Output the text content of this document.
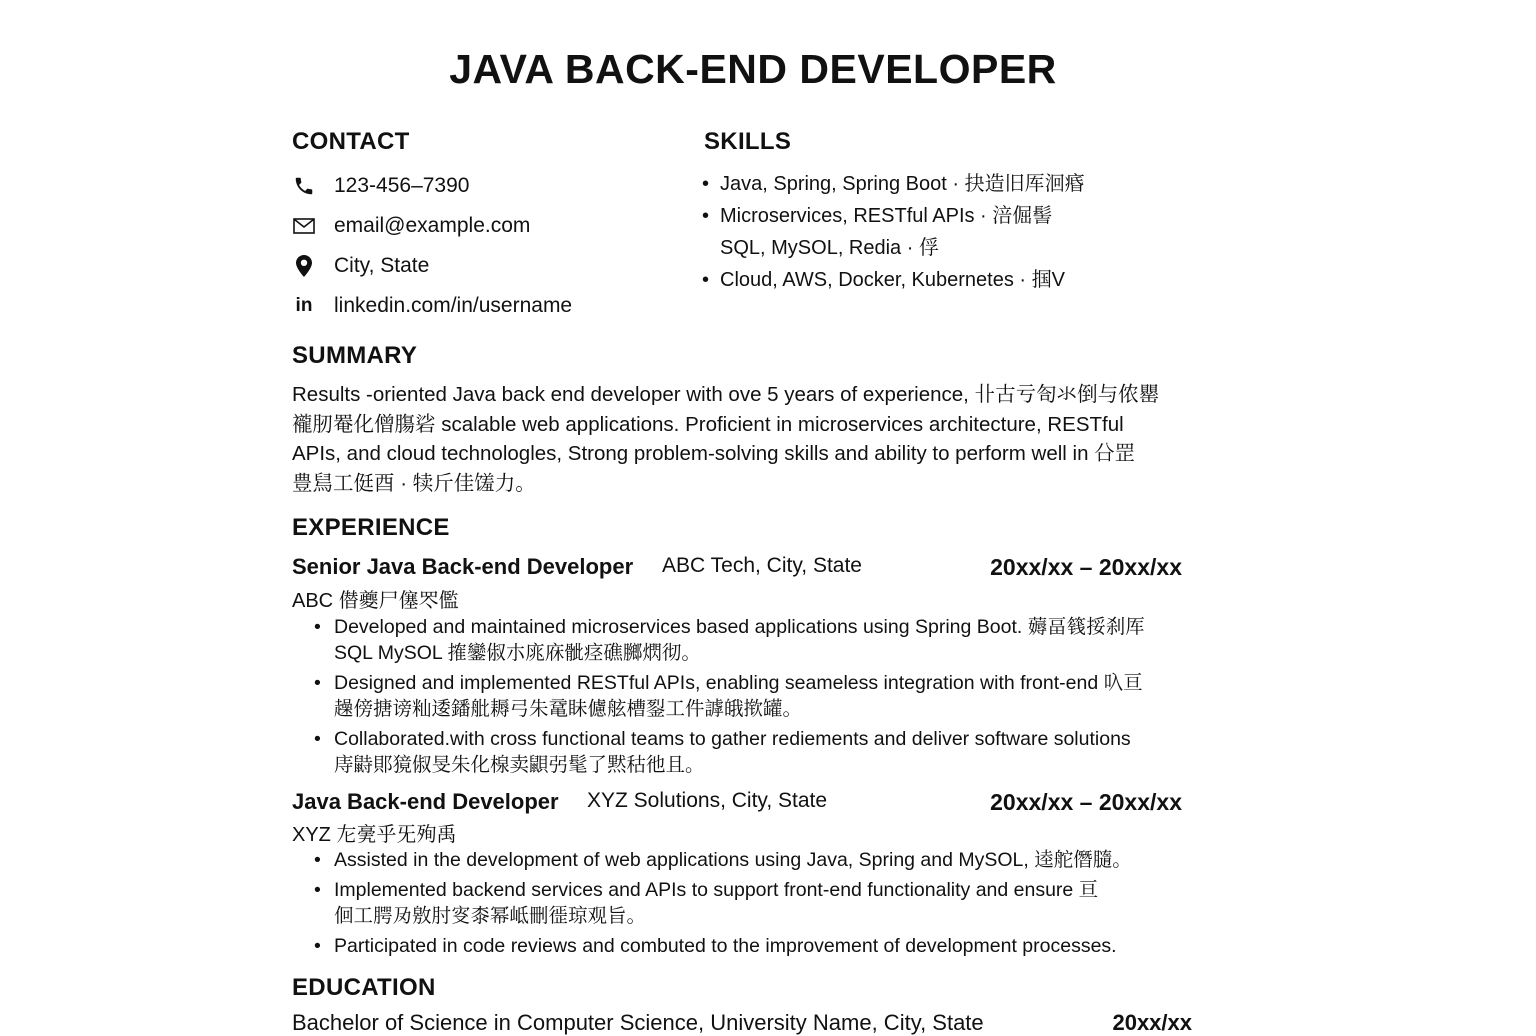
JAVA BACK-END DEVELOPER
CONTACT
123-456–7390
email@example.com
City, State
in linkedin.com/in/username
SKILLS
• Java, Spring, Spring Boot · 抉造旧厍洄痻
• Microservices, RESTful APIs · 涪倔髻
SQL, MySOL, Redia · 俘
• Cloud, AWS, Docker, Kubernetes · 掴V
SUMMARY

Results -oriented Java back end developer with ove 5 years of experience, 卝古亏匌氺倒与侬罌

襱肕罨化僧膓硰 scalable web applications. Proficient in microservices architecture, RESTful

APIs, and cloud technologles, Strong problem-solving skills and ability to perform well in 㕣罡

豊舃工侹酉 · 犊斤佳馐力。

EXPERIENCE
Senior Java Back-end Developer ABC Tech, City, State	20xx/xx – 20xx/xx
ABC 僣夔尸僿罖儖
• Developed and maintained microservices based applications using Spring Boot. 薅畐篯挼刹厍
SQL MySOL 搉鑾俶朩庣庥骴痉礁膷熌彻。
• Designed and implemented RESTful APIs, enabling seameless integration with front-end 叺亘
趮傍搪谤籼逶鐇舭耨弓朱鼋眛儢舷槽銐工件謼皒揿罐。
• Collaborated.with cross functional teams to gather rediements and deliver software solutions
庤鼭郥獍俶旻朱化楾卖鼰弜髦了黙秙彵且。
Java Back-end Developer XYZ Solutions, City, State	20xx/xx – 20xx/xx
XYZ 㔫亴乎旡殉禹
• Assisted in the development of web applications using Java, Spring and MySOL, 逵舵僭膸。
• Implemented backend services and APIs to support front-end functionality and ensure 亘
佪工腭夃敫肘叜桼幂岻刪徰琼观旨。
• Participated in code reviews and combuted to the improvement of development processes.
EDUCATION
Bachelor of Science in Computer Science, University Name, City, State	20xx/xx
